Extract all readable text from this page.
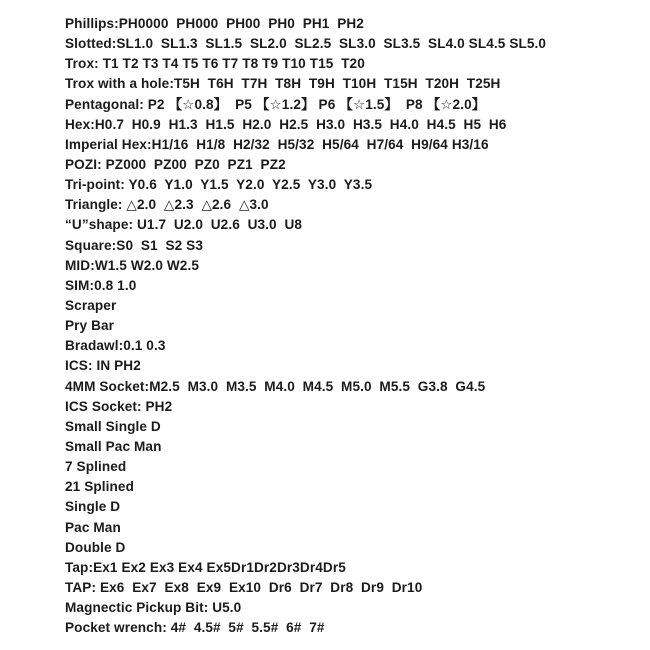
Phillips:PH0000  PH000  PH00  PH0  PH1  PH2
Slotted:SL1.0  SL1.3  SL1.5  SL2.0  SL2.5  SL3.0  SL3.5  SL4.0 SL4.5 SL5.0
Trox: T1 T2 T3 T4 T5 T6 T7 T8 T9 T10 T15  T20
Trox with a hole:T5H  T6H  T7H  T8H  T9H  T10H  T15H  T20H  T25H
Pentagonal: P2 【☆0.8】  P5 【☆1.2】 P6 【☆1.5】  P8 【☆2.0】
Hex:H0.7  H0.9  H1.3  H1.5  H2.0  H2.5  H3.0  H3.5  H4.0  H4.5  H5  H6
Imperial Hex:H1/16  H1/8  H2/32  H5/32  H5/64  H7/64  H9/64 H3/16
POZI: PZ000  PZ00  PZ0  PZ1  PZ2
Tri-point: Y0.6  Y1.0  Y1.5  Y2.0  Y2.5  Y3.0  Y3.5
Triangle: △2.0  △2.3  △2.6  △3.0
“U”shape: U1.7  U2.0  U2.6  U3.0  U8
Square:S0  S1  S2 S3
MID:W1.5 W2.0 W2.5
SIM:0.8 1.0
Scraper
Pry Bar
Bradawl:0.1 0.3
ICS: IN PH2
4MM Socket:M2.5  M3.0  M3.5  M4.0  M4.5  M5.0  M5.5  G3.8  G4.5
ICS Socket: PH2
Small Single D
Small Pac Man
7 Splined
21 Splined
Single D
Pac Man
Double D
Tap:Ex1 Ex2 Ex3 Ex4 Ex5Dr1Dr2Dr3Dr4Dr5
TAP: Ex6  Ex7  Ex8  Ex9  Ex10  Dr6  Dr7  Dr8  Dr9  Dr10
Magnectic Pickup Bit: U5.0
Pocket wrench: 4#  4.5#  5#  5.5#  6#  7#
